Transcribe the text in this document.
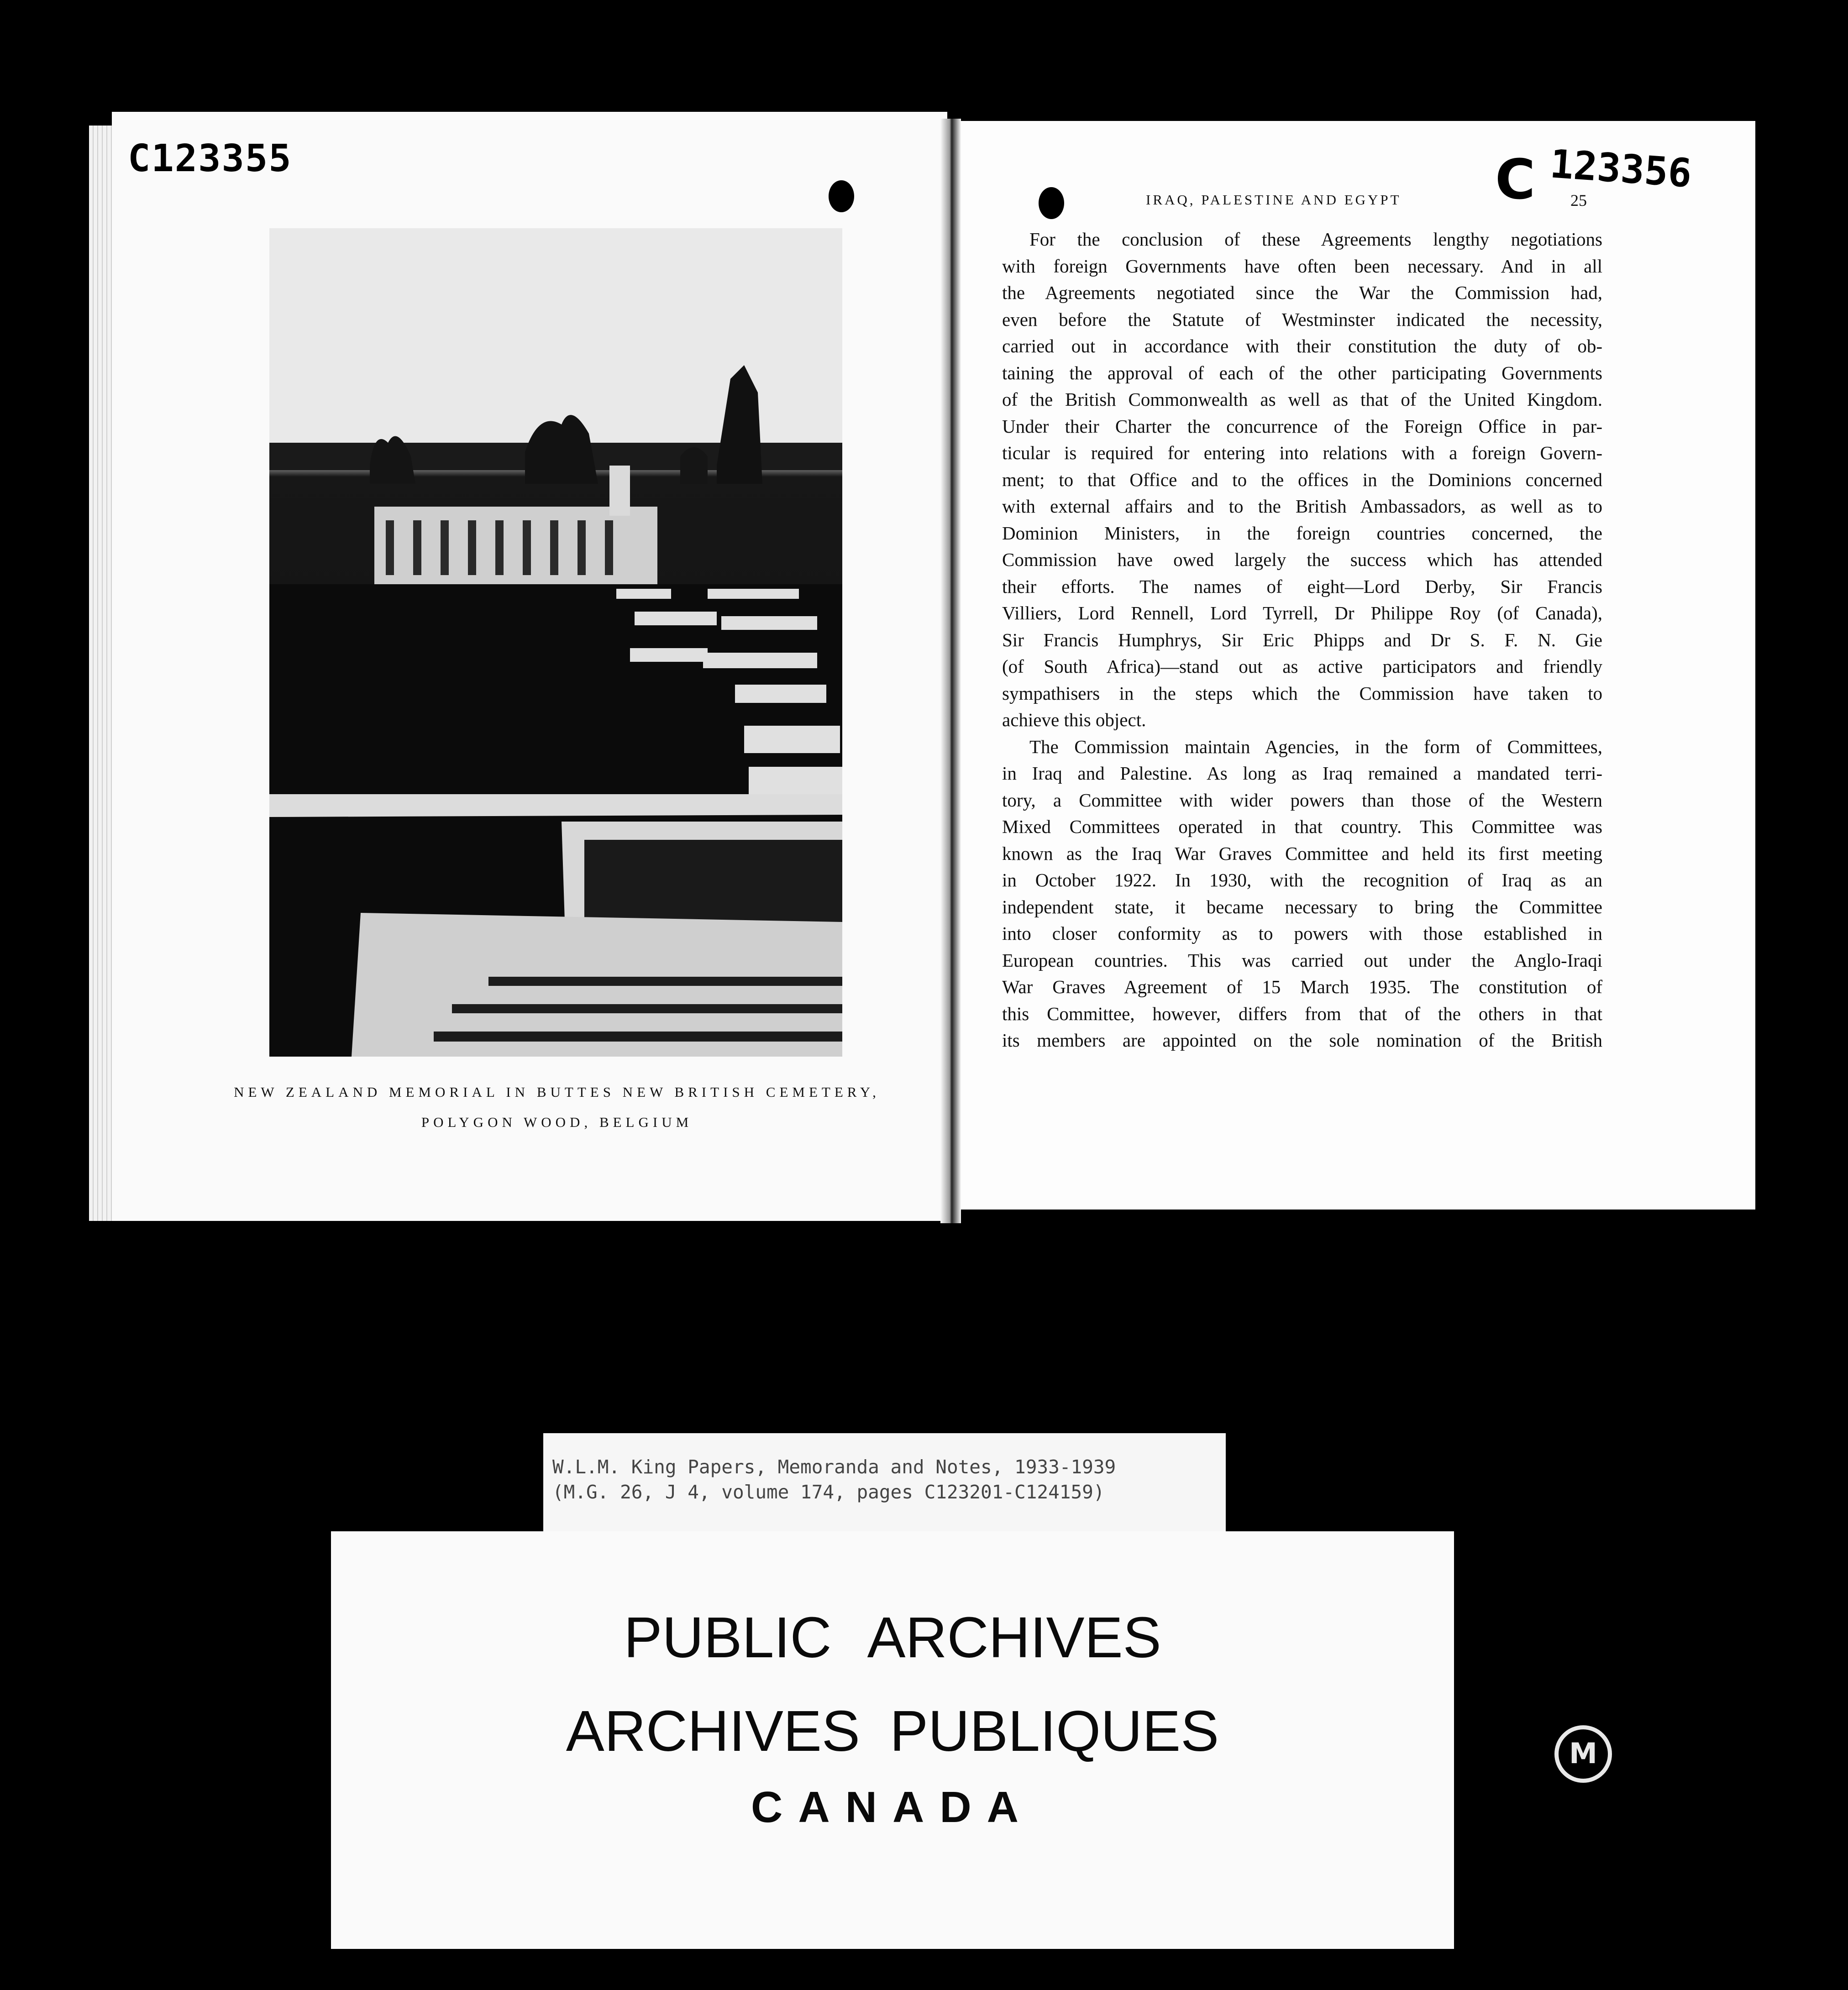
C123355	C 123356
NEW ZEALAND MEMORIAL IN BUTTES NEW BRITISH CEMETERY,
POLYGON WOOD, BELGIUM
IRAQ, PALESTINE AND EGYPT	25
For the conclusion of these Agreements lengthy negotiations
with foreign Governments have often been necessary. And in all
the Agreements negotiated since the War the Commission had,
even before the Statute of Westminster indicated the necessity,
carried out in accordance with their constitution the duty of ob-
taining the approval of each of the other participating Governments
of the British Commonwealth as well as that of the United Kingdom.
Under their Charter the concurrence of the Foreign Office in par-
ticular is required for entering into relations with a foreign Govern-
ment; to that Office and to the offices in the Dominions concerned
with external affairs and to the British Ambassadors, as well as to
Dominion Ministers, in the foreign countries concerned, the
Commission have owed largely the success which has attended
their efforts. The names of eight—Lord Derby, Sir Francis
Villiers, Lord Rennell, Lord Tyrrell, Dr Philippe Roy (of Canada),
Sir Francis Humphrys, Sir Eric Phipps and Dr S. F. N. Gie
(of South Africa)—stand out as active participators and friendly
sympathisers in the steps which the Commission have taken to
achieve this object.
The Commission maintain Agencies, in the form of Committees,
in Iraq and Palestine. As long as Iraq remained a mandated terri-
tory, a Committee with wider powers than those of the Western
Mixed Committees operated in that country. This Committee was
known as the Iraq War Graves Committee and held its first meeting
in October 1922. In 1930, with the recognition of Iraq as an
independent state, it became necessary to bring the Committee
into closer conformity as to powers with those established in
European countries. This was carried out under the Anglo-Iraqi
War Graves Agreement of 15 March 1935. The constitution of
this Committee, however, differs from that of the others in that
its members are appointed on the sole nomination of the British
W.L.M. King Papers, Memoranda and Notes, 1933-1939
(M.G. 26, J 4, volume 174, pages C123201-C124159)
PUBLIC ARCHIVES
ARCHIVES PUBLIQUES
CANADA
M
